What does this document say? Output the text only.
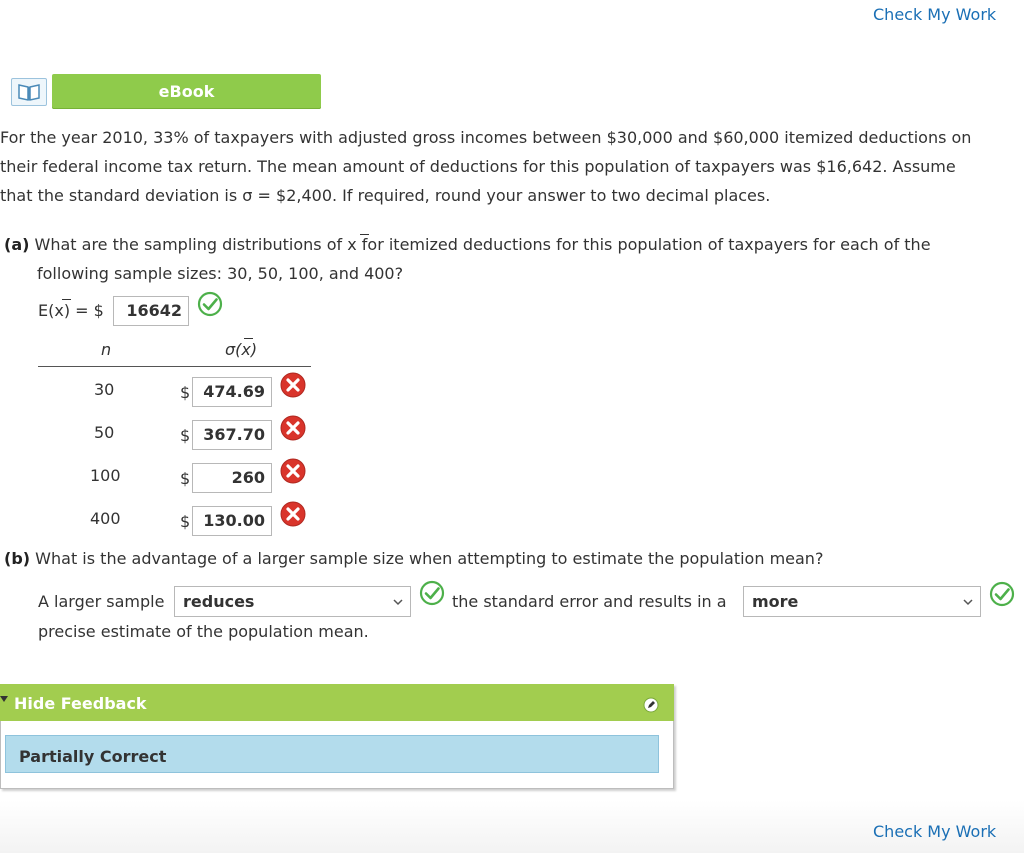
Check My Work
eBook
For the year 2010, 33% of taxpayers with adjusted gross incomes between $30,000 and $60,000 itemized deductions on
their federal income tax return. The mean amount of deductions for this population of taxpayers was $16,642. Assume
that the standard deviation is σ = $2,400. If required, round your answer to two decimal places.
(a) What are the sampling distributions of x for itemized deductions for this population of taxpayers for each of the
following sample sizes: 30, 50, 100, and 400?
E(x) = $	16642
n	σ(x)
30	$ 474.69
50	$ 367.70
100	$	260
400	$ 130.00
(b) What is the advantage of a larger sample size when attempting to estimate the population mean?
A larger sample	reduces	the standard error and results in a	more
precise estimate of the population mean.
Hide Feedback
Partially Correct
Check My Work
